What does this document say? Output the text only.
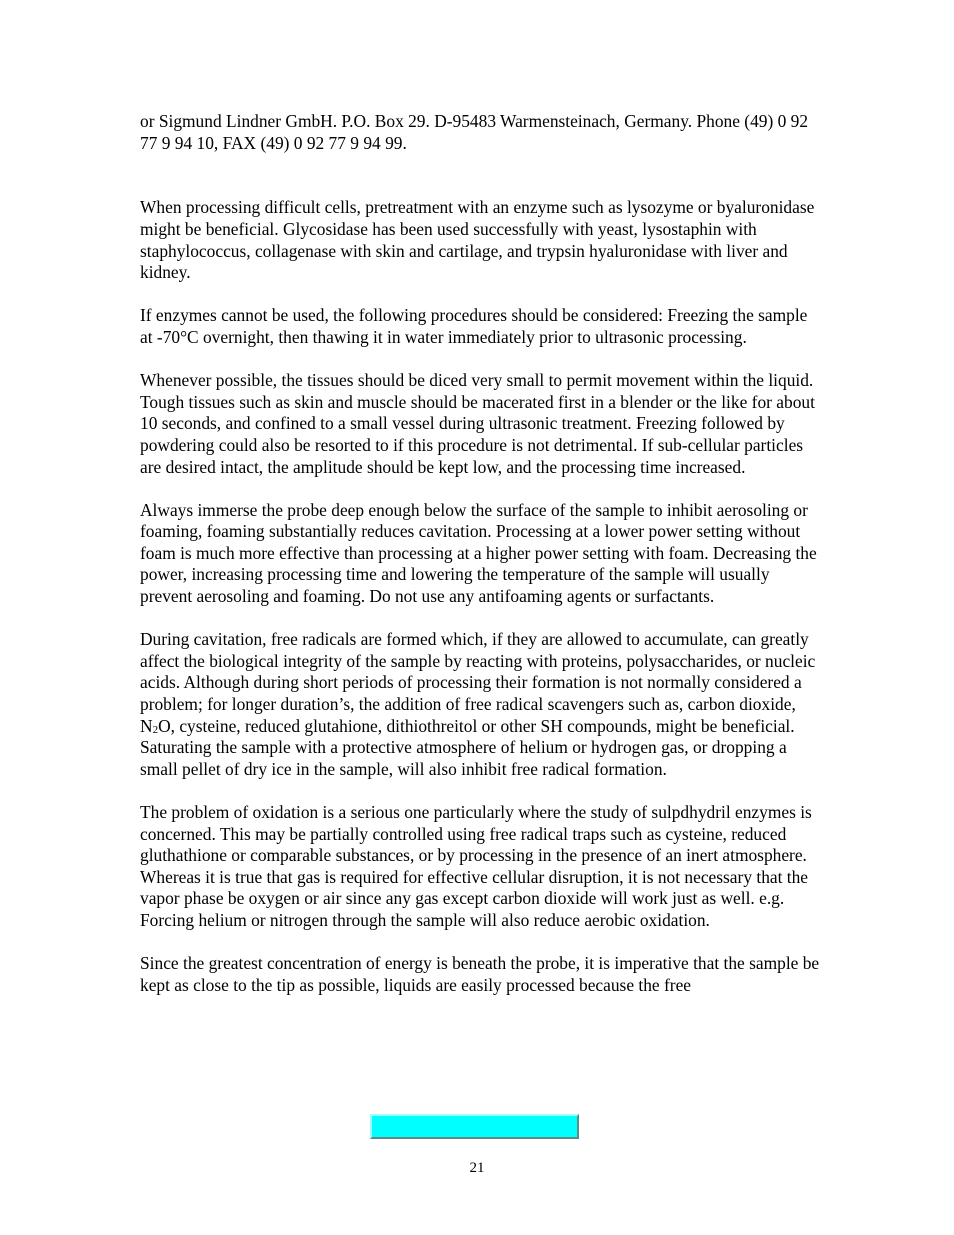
or Sigmund Lindner GmbH. P.O. Box 29. D-95483 Warmensteinach, Germany. Phone (49) 0 92 77 9 94 10, FAX (49) 0 92 77 9 94 99.

When processing difficult cells, pretreatment with an enzyme such as lysozyme or byaluronidase might be beneficial. Glycosidase has been used successfully with yeast, lysostaphin with staphylococcus, collagenase with skin and cartilage, and trypsin hyaluronidase with liver and kidney.

If enzymes cannot be used, the following procedures should be considered: Freezing the sample at -70°C overnight, then thawing it in water immediately prior to ultrasonic processing.

Whenever possible, the tissues should be diced very small to permit movement within the liquid. Tough tissues such as skin and muscle should be macerated first in a blender or the like for about 10 seconds, and confined to a small vessel during ultrasonic treatment. Freezing followed by powdering could also be resorted to if this procedure is not detrimental. If sub-cellular particles are desired intact, the amplitude should be kept low, and the processing time increased.

Always immerse the probe deep enough below the surface of the sample to inhibit aerosoling or foaming, foaming substantially reduces cavitation. Processing at a lower power setting without foam is much more effective than processing at a higher power setting with foam. Decreasing the power, increasing processing time and lowering the temperature of the sample will usually prevent aerosoling and foaming. Do not use any antifoaming agents or surfactants.

During cavitation, free radicals are formed which, if they are allowed to accumulate, can greatly affect the biological integrity of the sample by reacting with proteins, polysaccharides, or nucleic acids. Although during short periods of processing their formation is not normally considered a problem; for longer duration’s, the addition of free radical scavengers such as, carbon dioxide, $N_2O$, cysteine, reduced glutahione, dithiothreitol or other SH compounds, might be beneficial. Saturating the sample with a protective atmosphere of helium or hydrogen gas, or dropping a small pellet of dry ice in the sample, will also inhibit free radical formation.

The problem of oxidation is a serious one particularly where the study of sulpdhydril enzymes is concerned. This may be partially controlled using free radical traps such as cysteine, reduced gluthathione or comparable substances, or by processing in the presence of an inert atmosphere. Whereas it is true that gas is required for effective cellular disruption, it is not necessary that the vapor phase be oxygen or air since any gas except carbon dioxide will work just as well. e.g. Forcing helium or nitrogen through the sample will also reduce aerobic oxidation.

Since the greatest concentration of energy is beneath the probe, it is imperative that the sample be kept as close to the tip as possible, liquids are easily processed because the free

21
